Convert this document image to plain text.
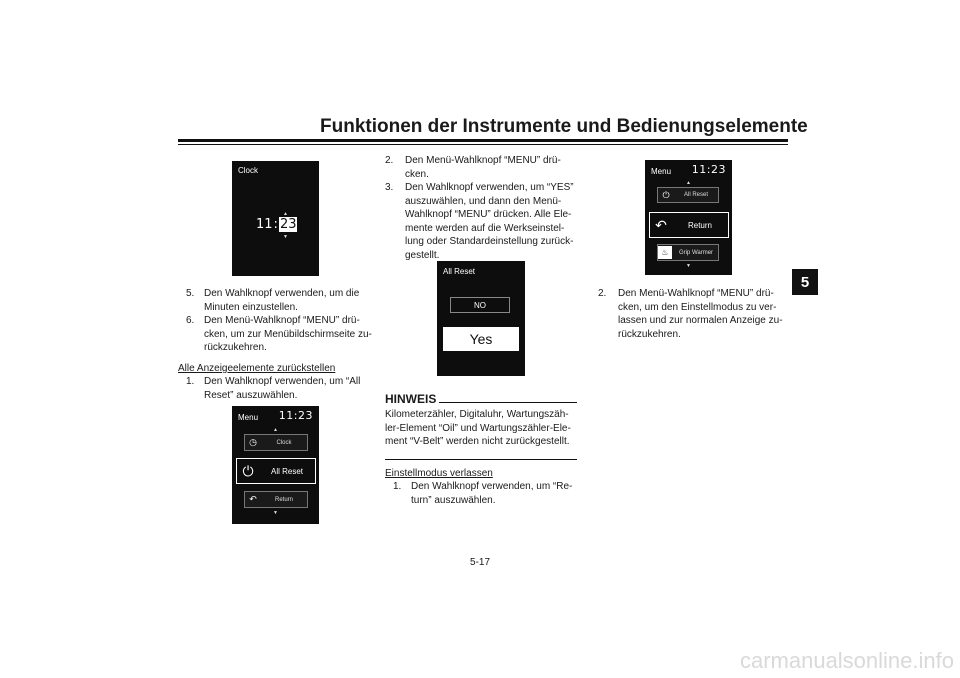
Funktionen der Instrumente und Bedienungselemente
5
Clock
▲
11 : 23
▼
5. Den Wahlknopf verwenden, um die Minuten einzustellen.
6. Den Menü-Wahlknopf “MENU” drü-cken, um zur Menübildschirmseite zu-rückzukehren.
Alle Anzeigeelemente zurückstellen
1. Den Wahlknopf verwenden, um “All Reset” auszuwählen.
Menu 11:23
▲
◷	Clock
⏻	All Reset
↶	Return
▼
2. Den Menü-Wahlknopf “MENU” drü-cken.
3. Den Wahlknopf verwenden, um “YES” auszuwählen, und dann den Menü-Wahlknopf “MENU” drücken. Alle Ele-mente werden auf die Werkseinstel-lung oder Standardeinstellung zurück-gestellt.
All Reset
NO
Yes
HINWEIS
Kilometerzähler, Digitaluhr, Wartungszäh-ler-Element “Oil” und Wartungszähler-Ele-ment “V-Belt” werden nicht zurückgestellt.
Einstellmodus verlassen
1. Den Wahlknopf verwenden, um “Re-turn” auszuwählen.
Menu 11:23
▲
⏻	All Reset
↶	Return
♨	Grip Warmer
▼
2. Den Menü-Wahlknopf “MENU” drü-cken, um den Einstellmodus zu ver-lassen und zur normalen Anzeige zu-rückzukehren.
5-17
carmanualsonline.info
